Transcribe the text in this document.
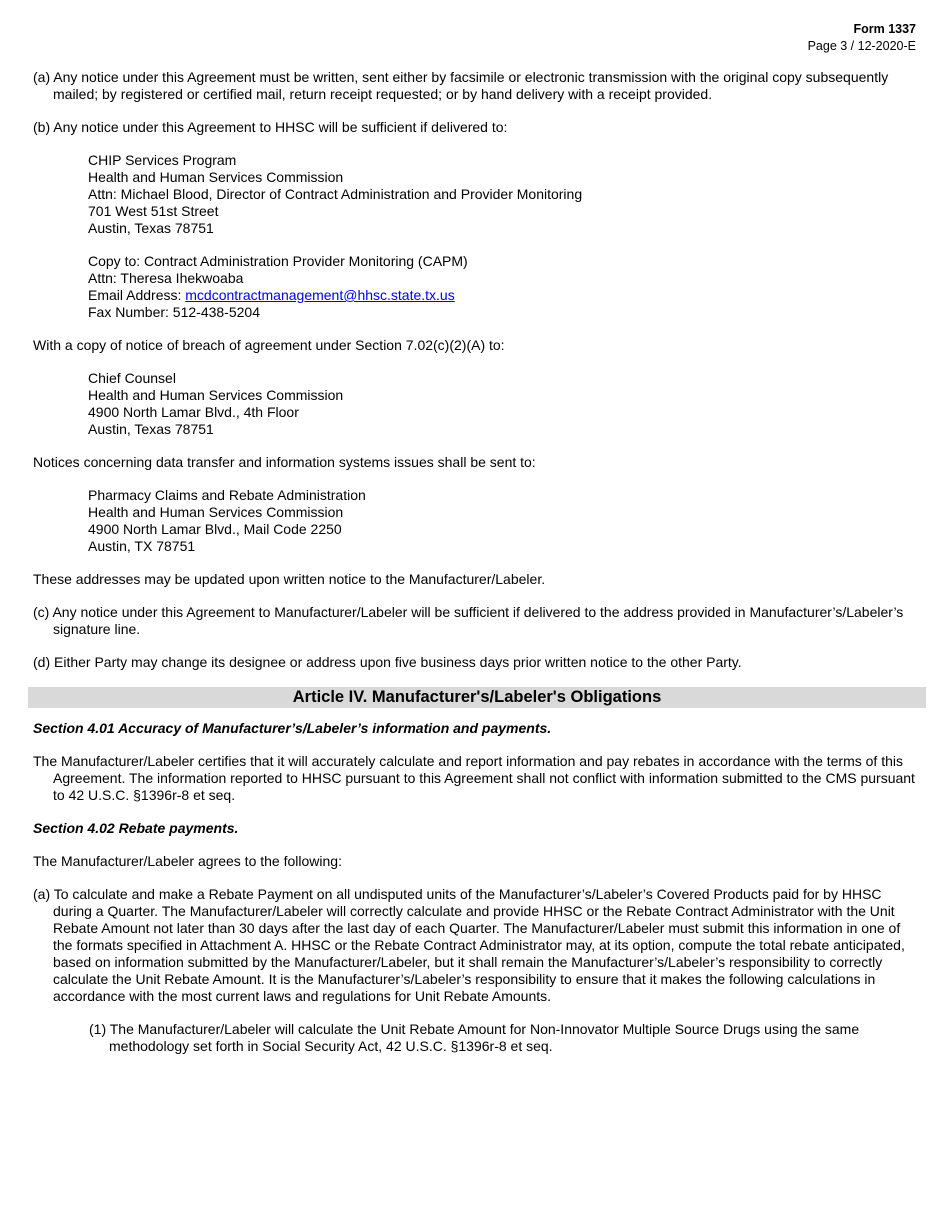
Form 1337
Page 3 / 12-2020-E

(a) Any notice under this Agreement must be written, sent either by facsimile or electronic transmission with the original copy subsequently mailed; by registered or certified mail, return receipt requested; or by hand delivery with a receipt provided.

(b) Any notice under this Agreement to HHSC will be sufficient if delivered to:

CHIP Services Program
Health and Human Services Commission
Attn: Michael Blood, Director of Contract Administration and Provider Monitoring
701 West 51st Street
Austin, Texas 78751
Copy to: Contract Administration Provider Monitoring (CAPM)
Attn: Theresa Ihekwoaba
Email Address: mcdcontractmanagement@hhsc.state.tx.us
Fax Number: 512-438-5204

With a copy of notice of breach of agreement under Section 7.02(c)(2)(A) to:

Chief Counsel
Health and Human Services Commission
4900 North Lamar Blvd., 4th Floor
Austin, Texas 78751

Notices concerning data transfer and information systems issues shall be sent to:

Pharmacy Claims and Rebate Administration
Health and Human Services Commission
4900 North Lamar Blvd., Mail Code 2250
Austin, TX 78751

These addresses may be updated upon written notice to the Manufacturer/Labeler.

(c) Any notice under this Agreement to Manufacturer/Labeler will be sufficient if delivered to the address provided in Manufacturer’s/Labeler’s signature line.

(d) Either Party may change its designee or address upon five business days prior written notice to the other Party.

Article IV. Manufacturer's/Labeler's Obligations
Section 4.01 Accuracy of Manufacturer’s/Labeler’s information and payments.

The Manufacturer/Labeler certifies that it will accurately calculate and report information and pay rebates in accordance with the terms of this Agreement. The information reported to HHSC pursuant to this Agreement shall not conflict with information submitted to the CMS pursuant to 42 U.S.C. §1396r-8 et seq.

Section 4.02 Rebate payments.

The Manufacturer/Labeler agrees to the following:

(a) To calculate and make a Rebate Payment on all undisputed units of the Manufacturer’s/Labeler’s Covered Products paid for by HHSC during a Quarter. The Manufacturer/Labeler will correctly calculate and provide HHSC or the Rebate Contract Administrator with the Unit Rebate Amount not later than 30 days after the last day of each Quarter. The Manufacturer/Labeler must submit this information in one of the formats specified in Attachment A. HHSC or the Rebate Contract Administrator may, at its option, compute the total rebate anticipated, based on information submitted by the Manufacturer/Labeler, but it shall remain the Manufacturer’s/Labeler’s responsibility to correctly calculate the Unit Rebate Amount. It is the Manufacturer’s/Labeler’s responsibility to ensure that it makes the following calculations in accordance with the most current laws and regulations for Unit Rebate Amounts.

(1) The Manufacturer/Labeler will calculate the Unit Rebate Amount for Non-Innovator Multiple Source Drugs using the same methodology set forth in Social Security Act, 42 U.S.C. §1396r-8 et seq.
